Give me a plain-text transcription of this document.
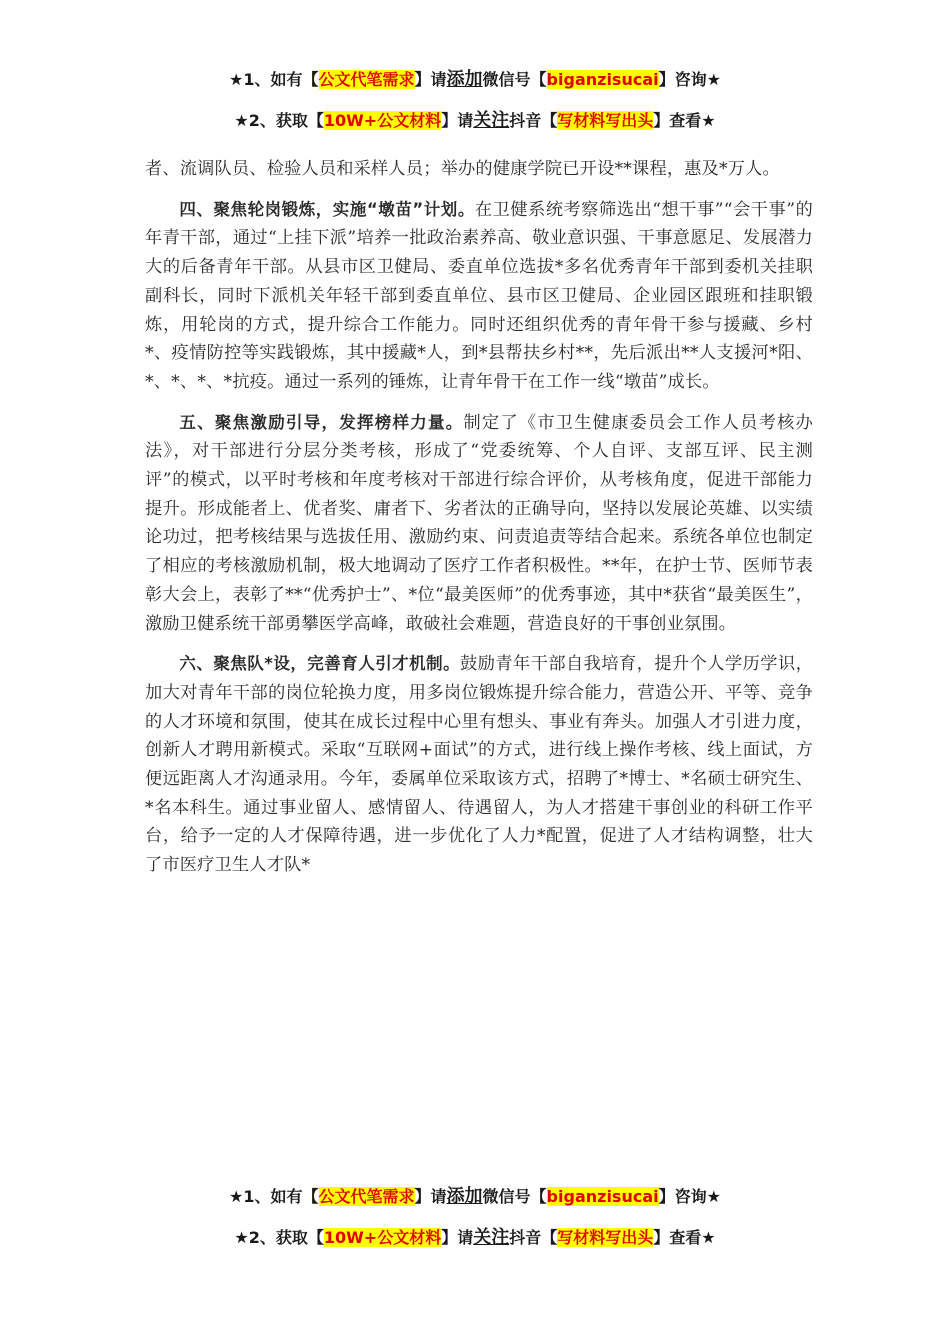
★1、如有【公文代笔需求】请添加微信号【biganzisucai】咨询★
★2、获取【10W+公文材料】请关注抖音【写材料写出头】查看★

者、流调队员、检验人员和采样人员；举办的健康学院已开设**课程，惠及*万人。

四、聚焦轮岗锻炼，实施“墩苗”计划。在卫健系统考察筛选出“想干事”“会干事”的年青干部，通过“上挂下派”培养一批政治素养高、敬业意识强、干事意愿足、发展潜力大的后备青年干部。从县市区卫健局、委直单位选拔*多名优秀青年干部到委机关挂职副科长，同时下派机关年轻干部到委直单位、县市区卫健局、企业园区跟班和挂职锻炼，用轮岗的方式，提升综合工作能力。同时还组织优秀的青年骨干参与援藏、乡村*、疫情防控等实践锻炼，其中援藏*人，到*县帮扶乡村**，先后派出**人支援河*阳、*、*、*、*抗疫。通过一系列的锤炼，让青年骨干在工作一线“墩苗”成长。

五、聚焦激励引导，发挥榜样力量。制定了《市卫生健康委员会工作人员考核办法》，对干部进行分层分类考核，形成了“党委统筹、个人自评、支部互评、民主测评”的模式，以平时考核和年度考核对干部进行综合评价，从考核角度，促进干部能力提升。形成能者上、优者奖、庸者下、劣者汰的正确导向，坚持以发展论英雄、以实绩论功过，把考核结果与选拔任用、激励约束、问责追责等结合起来。系统各单位也制定了相应的考核激励机制，极大地调动了医疗工作者积极性。**年，在护士节、医师节表彰大会上，表彰了**“优秀护士”、*位“最美医师”的优秀事迹，其中*获省“最美医生”，激励卫健系统干部勇攀医学高峰，敢破社会难题，营造良好的干事创业氛围。

六、聚焦队*设，完善育人引才机制。鼓励青年干部自我培育，提升个人学历学识，加大对青年干部的岗位轮换力度，用多岗位锻炼提升综合能力，营造公开、平等、竞争的人才环境和氛围，使其在成长过程中心里有想头、事业有奔头。加强人才引进力度，创新人才聘用新模式。采取“互联网+面试”的方式，进行线上操作考核、线上面试，方便远距离人才沟通录用。今年，委属单位采取该方式，招聘了*博士、*名硕士研究生、*名本科生。通过事业留人、感情留人、待遇留人，为人才搭建干事创业的科研工作平台，给予一定的人才保障待遇，进一步优化了人力*配置，促进了人才结构调整，壮大了市医疗卫生人才队*

★1、如有【公文代笔需求】请添加微信号【biganzisucai】咨询★
★2、获取【10W+公文材料】请关注抖音【写材料写出头】查看★
